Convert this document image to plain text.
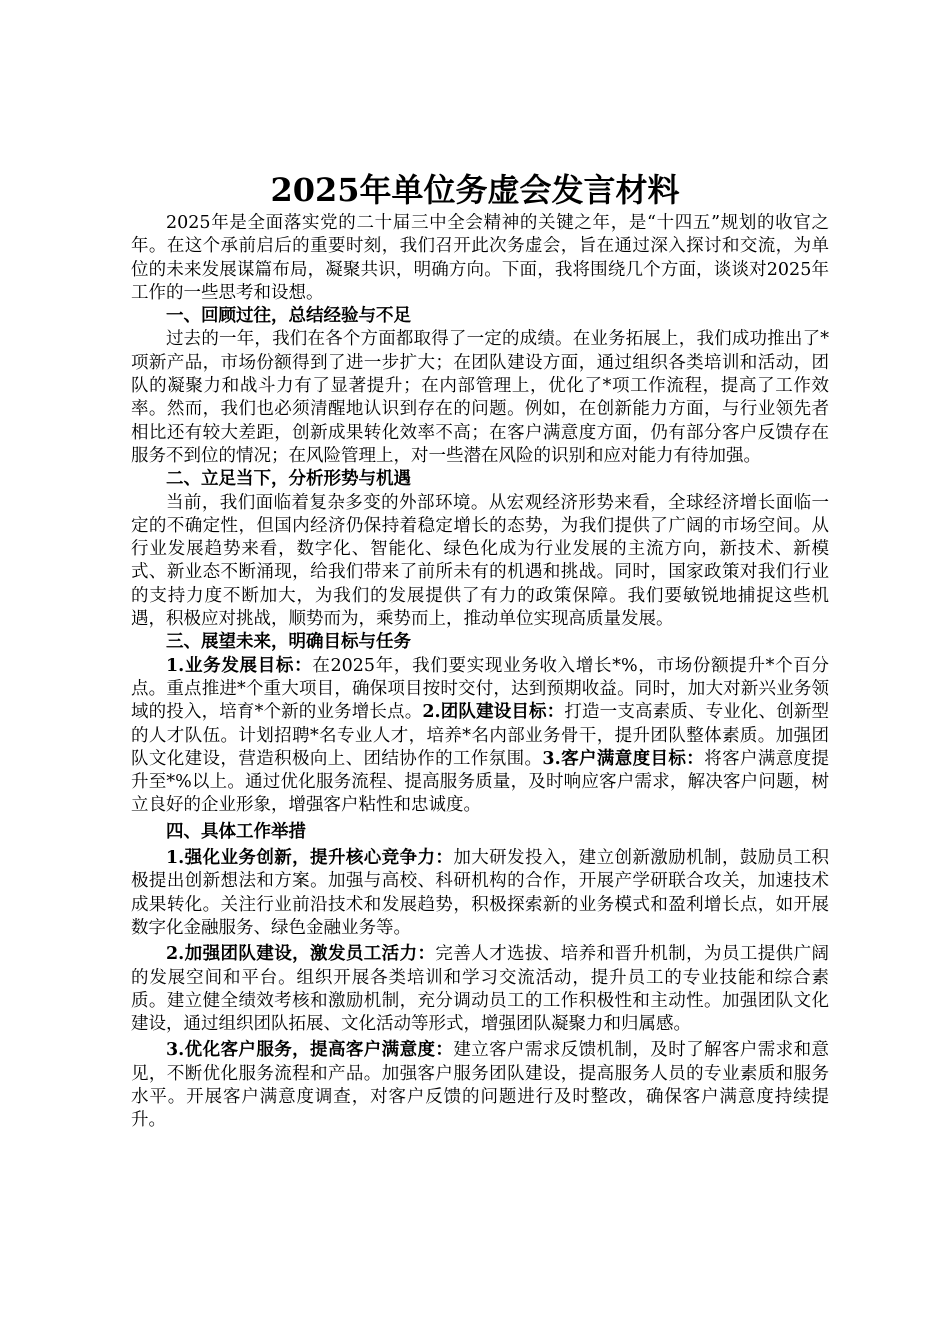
2025年单位务虚会发言材料

2025年是全面落实党的二十届三中全会精神的关键之年，是“十四五”规划的收官之年。在这个承前启后的重要时刻，我们召开此次务虚会，旨在通过深入探讨和交流，为单位的未来发展谋篇布局，凝聚共识，明确方向。下面，我将围绕几个方面，谈谈对2025年工作的一些思考和设想。

一、回顾过往，总结经验与不足

过去的一年，我们在各个方面都取得了一定的成绩。在业务拓展上，我们成功推出了*项新产品，市场份额得到了进一步扩大；在团队建设方面，通过组织各类培训和活动，团队的凝聚力和战斗力有了显著提升；在内部管理上，优化了*项工作流程，提高了工作效率。然而，我们也必须清醒地认识到存在的问题。例如，在创新能力方面，与行业领先者相比还有较大差距，创新成果转化效率不高；在客户满意度方面，仍有部分客户反馈存在服务不到位的情况；在风险管理上，对一些潜在风险的识别和应对能力有待加强。

二、立足当下，分析形势与机遇

当前，我们面临着复杂多变的外部环境。从宏观经济形势来看，全球经济增长面临一定的不确定性，但国内经济仍保持着稳定增长的态势，为我们提供了广阔的市场空间。从行业发展趋势来看，数字化、智能化、绿色化成为行业发展的主流方向，新技术、新模式、新业态不断涌现，给我们带来了前所未有的机遇和挑战。同时，国家政策对我们行业的支持力度不断加大，为我们的发展提供了有力的政策保障。我们要敏锐地捕捉这些机遇，积极应对挑战，顺势而为，乘势而上，推动单位实现高质量发展。

三、展望未来，明确目标与任务

1.业务发展目标：在2025年，我们要实现业务收入增长*%，市场份额提升*个百分点。重点推进*个重大项目，确保项目按时交付，达到预期收益。同时，加大对新兴业务领域的投入，培育*个新的业务增长点。2.团队建设目标：打造一支高素质、专业化、创新型的人才队伍。计划招聘*名专业人才，培养*名内部业务骨干，提升团队整体素质。加强团队文化建设，营造积极向上、团结协作的工作氛围。3.客户满意度目标：将客户满意度提升至*%以上。通过优化服务流程、提高服务质量，及时响应客户需求，解决客户问题，树立良好的企业形象，增强客户粘性和忠诚度。

四、具体工作举措

1.强化业务创新，提升核心竞争力：加大研发投入，建立创新激励机制，鼓励员工积极提出创新想法和方案。加强与高校、科研机构的合作，开展产学研联合攻关，加速技术成果转化。关注行业前沿技术和发展趋势，积极探索新的业务模式和盈利增长点，如开展数字化金融服务、绿色金融业务等。

2.加强团队建设，激发员工活力：完善人才选拔、培养和晋升机制，为员工提供广阔的发展空间和平台。组织开展各类培训和学习交流活动，提升员工的专业技能和综合素质。建立健全绩效考核和激励机制，充分调动员工的工作积极性和主动性。加强团队文化建设，通过组织团队拓展、文化活动等形式，增强团队凝聚力和归属感。

3.优化客户服务，提高客户满意度：建立客户需求反馈机制，及时了解客户需求和意见，不断优化服务流程和产品。加强客户服务团队建设，提高服务人员的专业素质和服务水平。开展客户满意度调查，对客户反馈的问题进行及时整改，确保客户满意度持续提升。
